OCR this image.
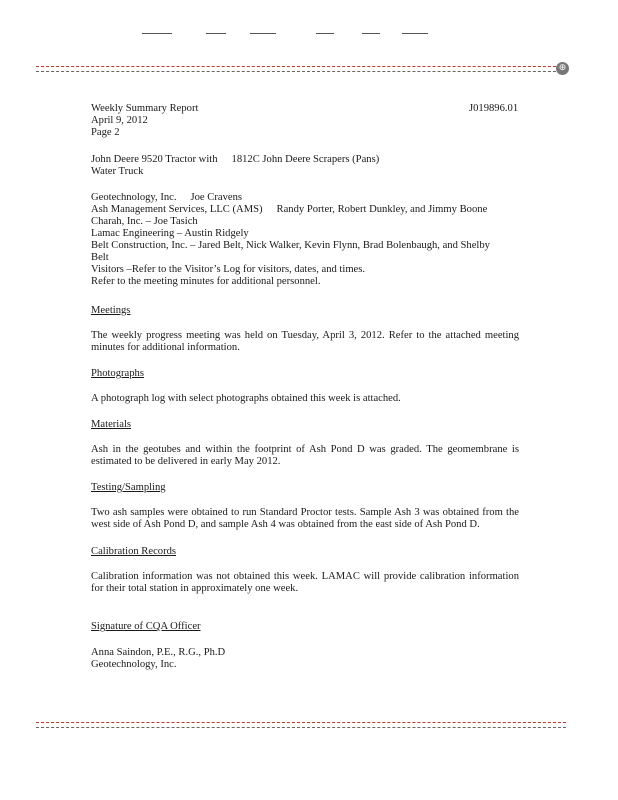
⊕
Weekly Summary Report
April 9, 2012
Page 2
J019896.01
John Deere 9520 Tractor with 1812C John Deere Scrapers (Pans)
Water Truck
Geotechnology, Inc. Joe Cravens
Ash Management Services, LLC (AMS) Randy Porter, Robert Dunkley, and Jimmy Boone
Charah, Inc. – Joe Tasich
Lamac Engineering – Austin Ridgely
Belt Construction, Inc. – Jared Belt, Nick Walker, Kevin Flynn, Brad Bolenbaugh, and Shelby
Belt
Visitors –Refer to the Visitor’s Log for visitors, dates, and times.
Refer to the meeting minutes for additional personnel.
Meetings
The weekly progress meeting was held on Tuesday, April 3, 2012. Refer to the attached meeting minutes for additional information.
Photographs
A photograph log with select photographs obtained this week is attached.
Materials
Ash in the geotubes and within the footprint of Ash Pond D was graded. The geomembrane is estimated to be delivered in early May 2012.
Testing/Sampling
Two ash samples were obtained to run Standard Proctor tests. Sample Ash 3 was obtained from the west side of Ash Pond D, and sample Ash 4 was obtained from the east side of Ash Pond D.
Calibration Records
Calibration information was not obtained this week. LAMAC will provide calibration information for their total station in approximately one week.
Signature of CQA Officer
Anna Saindon, P.E., R.G., Ph.D
Geotechnology, Inc.
